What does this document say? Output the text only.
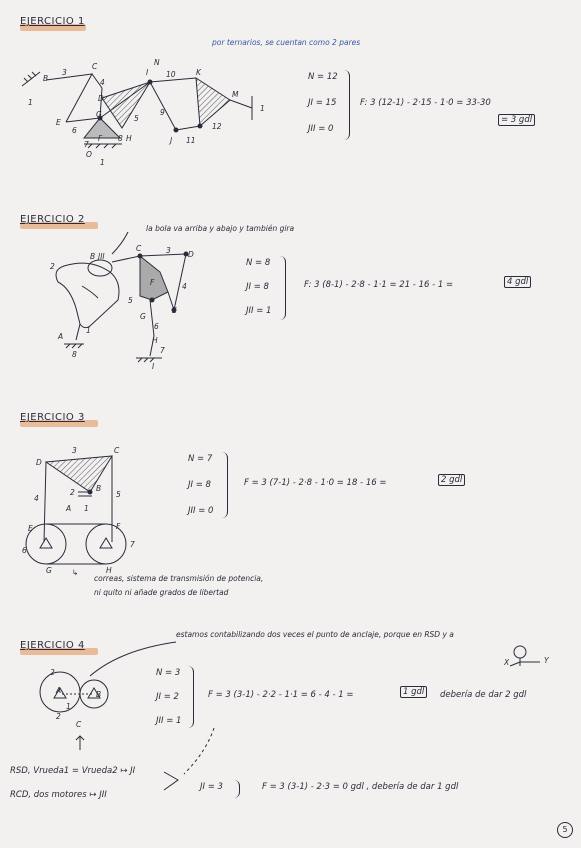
EJERCICIO 1
por ternarios, se cuentan como 2 pares
1
B
3
C
4
D
E
G	5
F 8 H
6
7
O
1
I
N
10	K
9
J 11
M
12
1
N = 12
JI = 15
JII = 0
F: 3 (12-1) - 2·15 - 1·0 = 33-30
= 3 gdl
EJERCICIO 2
la bola va arriba y abajo y también gira
2
B JII
C	3 D
F	4
5
E
G
6
H
7
I
A
1
8
N = 8
JI = 8
JII = 1
F: 3 (8-1) - 2·8 - 1·1 = 21 - 16 - 1 =	4 gdl
EJERCICIO 3
D
3	C
2	B
4
A 1
5
E	F
6
G	H
7
N = 7
JI = 8
JII = 0
F = 3 (7-1) - 2·8 - 1·0 = 18 - 16 =	2 gdl
↳
correas, sistema de transmisión de potencia,
ni quito ni añade grados de libertad
EJERCICIO 4
estamos contabilizando dos veces el punto de anclaje, porque en RSD y a
2
A	B
1
C
2
X	Y
N = 3
JI = 2
JII = 1
F = 3 (3-1) - 2·2 - 1·1 = 6 - 4 - 1 =	1 gdl	debería de dar 2 gdl
RSD, Vrueda1 = Vrueda2 ↦ JI
RCD, dos motores ↦ JII
JI = 3	F = 3 (3-1) - 2·3 = 0 gdl , debería de dar 1 gdl
5
